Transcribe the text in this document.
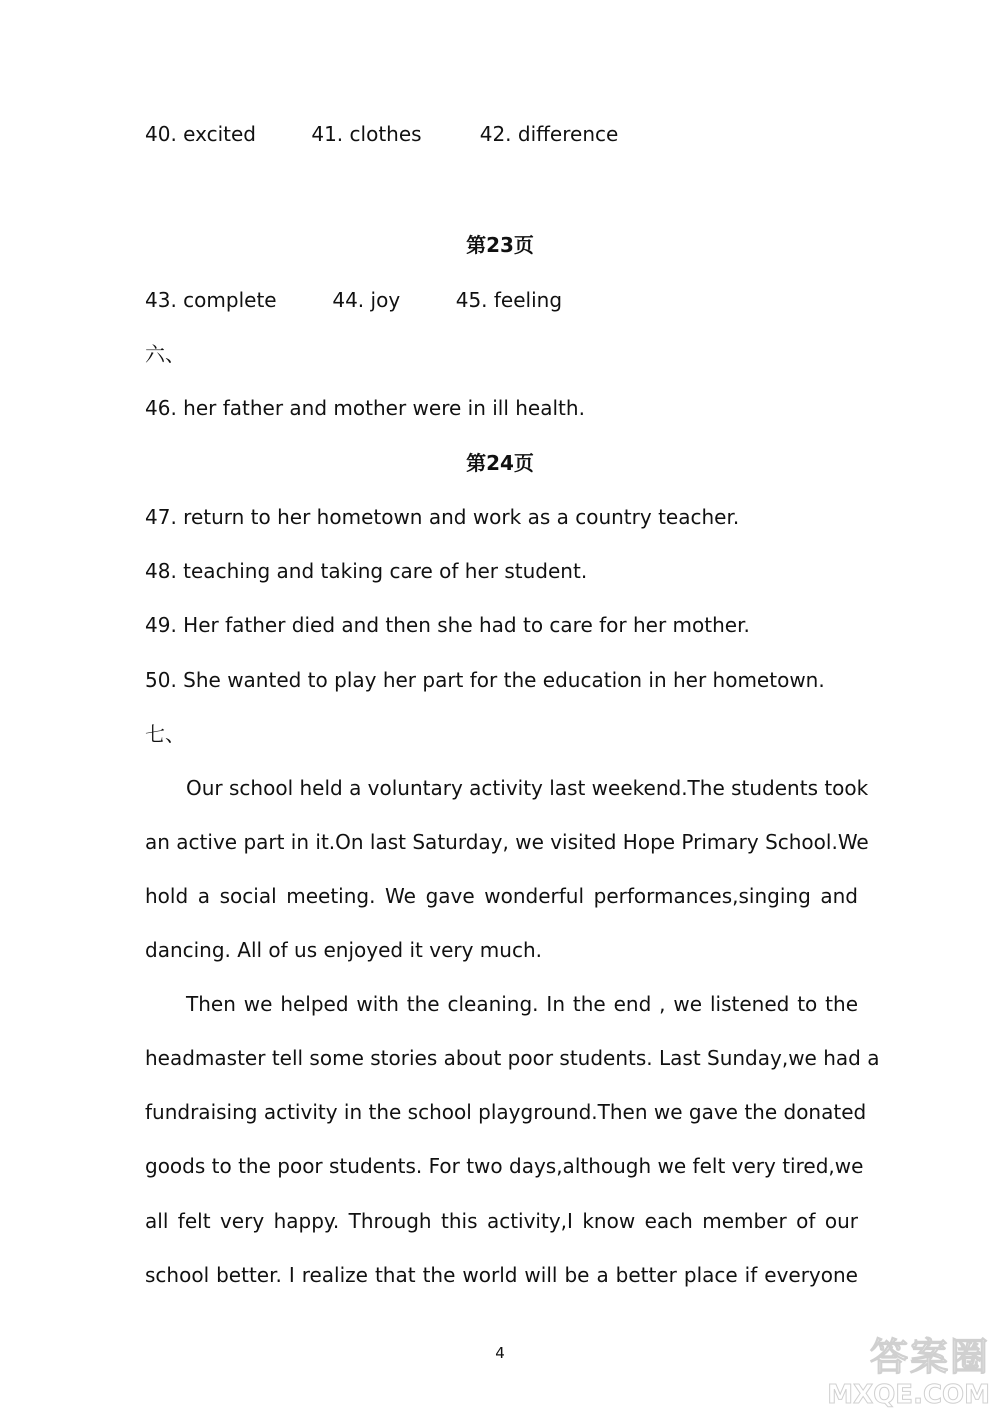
40. excited	41. clothes	42. difference
第23页
43. complete	44. joy	45. feeling
六、
46. her father and mother were in ill health.
第24页
47. return to her hometown and work as a country teacher.
48. teaching and taking care of her student.
49. Her father died and then she had to care for her mother.
50. She wanted to play her part for the education in her hometown.
七、
Our school held a voluntary activity last weekend.The students took
an active part in it.On last Saturday, we visited Hope Primary School.We
hold a social meeting. We gave wonderful performances,singing and
dancing. All of us enjoyed it very much.
Then we helped with the cleaning. In the end , we listened to the
headmaster tell some stories about poor students. Last Sunday,we had a
fundraising activity in the school playground.Then we gave the donated
goods to the poor students. For two days,although we felt very tired,we
all felt very happy. Through this activity,I know each member of our
school better. I realize that the world will be a better place if everyone
4	答案圈
MXQE.COM
